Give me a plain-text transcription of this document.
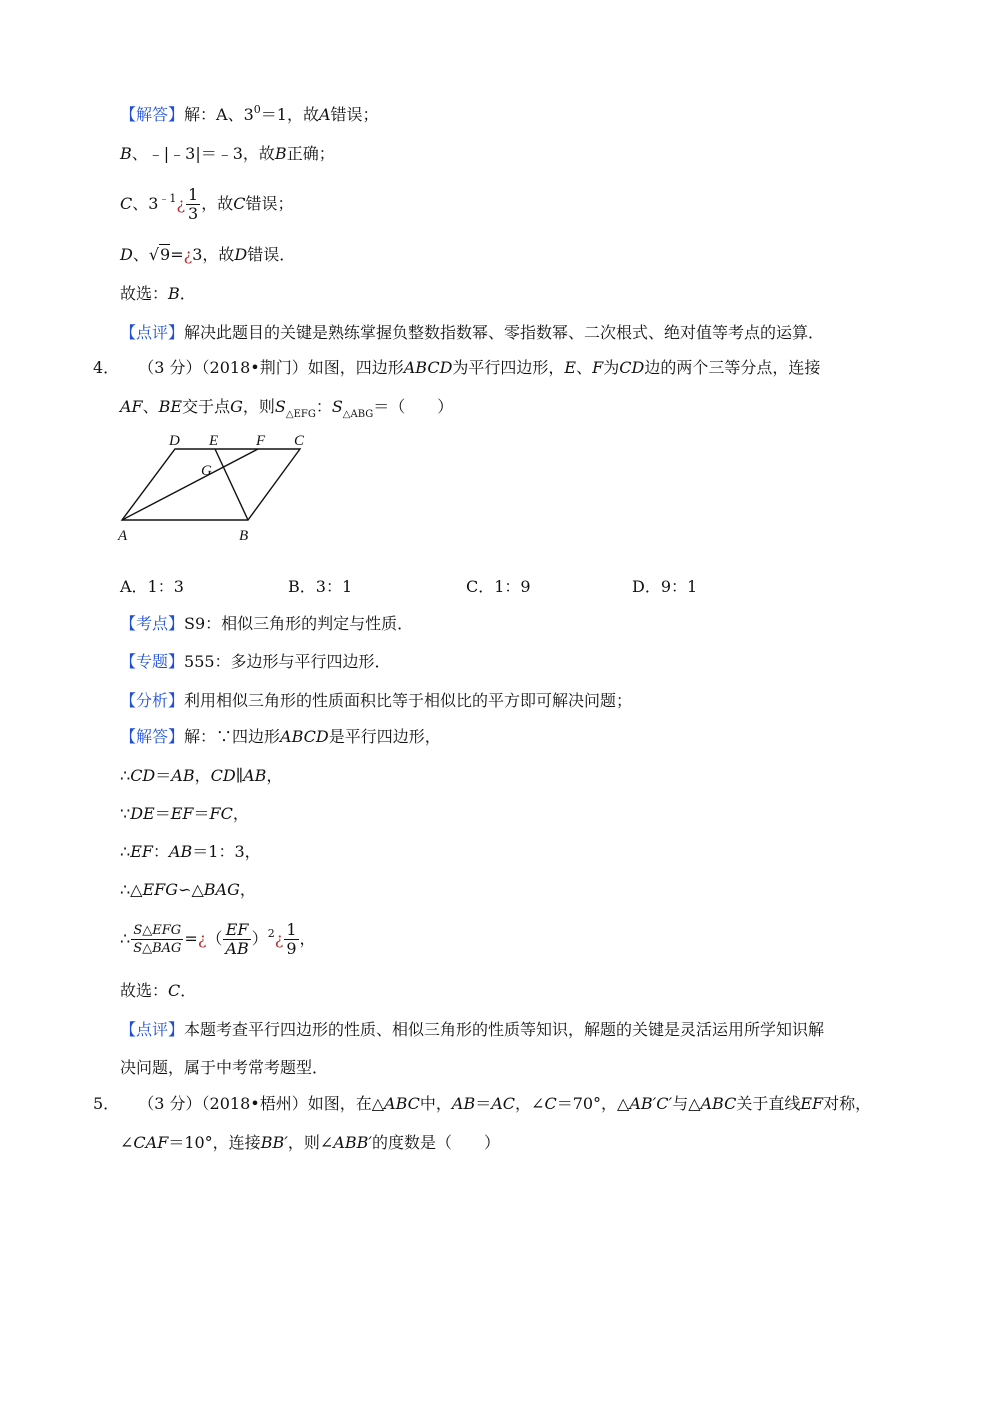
【解答】解：A、$3^0=1$，故A错误；
B、﹣|﹣3|＝﹣3，故B正确；
C、$3^{﹣1}¿ \frac{1}{3}$ ，故C错误；
D、√9=¿3，故D错误．
故选：B．
【点评】解决此题目的关键是熟练掌握负整数指数幂、零指数幂、二次根式、绝对值等考点的运算．
4． （3 分）（2018•荆门）如图，四边形ABCD为平行四边形，E、F为CD边的两个三等分点，连接
AF、BE交于点G，则$S_{\triangle EFG}$：$S_{\triangle ABG}=$（　　）
D E	F C
G
A	B
A．1：3	B．3：1	C．1：9	D．9：1
【考点】S9：相似三角形的判定与性质．
【专题】555：多边形与平行四边形．
【分析】利用相似三角形的性质面积比等于相似比的平方即可解决问题；
【解答】解：∵四边形ABCD是平行四边形，
∴CD＝AB，CD∥AB，
∵DE＝EF＝FC，
∴EF：AB＝1：3，
∴△EFG∽△BAG，
∴ $\frac{\text{S△EFG}}{\text{S△BAG}}$ =¿（ $\frac{EF}{AB}$ ）$^2$¿ $\frac{1}{9}$ ，
故选：C．
【点评】本题考查平行四边形的性质、相似三角形的性质等知识，解题的关键是灵活运用所学知识解
决问题，属于中考常考题型．
5． （3 分）（2018•梧州）如图，在△ABC中，AB＝AC，∠C＝70°，△AB′C′与△ABC关于直线EF对称，
∠CAF＝10°，连接BB′，则∠ABB′的度数是（　　）
